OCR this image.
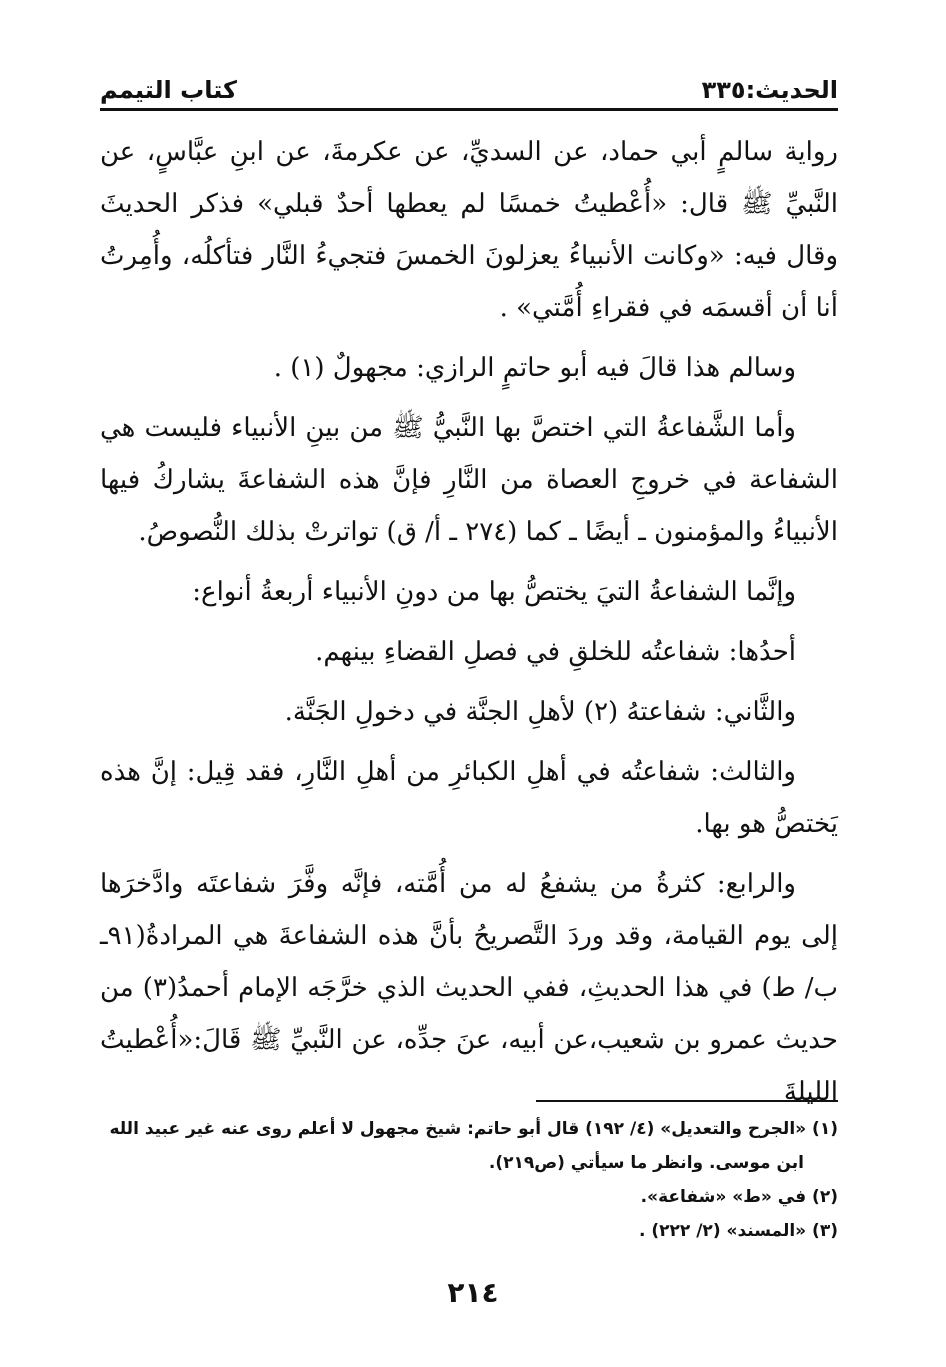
الحديث:٣٣٥
كتاب التيمم

رواية سالمٍ أبي حماد، عن السديِّ، عن عكرمةَ، عن ابنِ عبَّاسٍ، عن النَّبيِّ ﷺ قال: «أُعْطيتُ خمسًا لم يعطها أحدٌ قبلي» فذكر الحديثَ وقال فيه: «وكانت الأنبياءُ يعزلونَ الخمسَ فتجيءُ النَّار فتأكلُه، وأُمِرتُ أنا أن أقسمَه في فقراءِ أُمَّتي» .

وسالم هذا قالَ فيه أبو حاتمٍ الرازي: مجهولٌ (١) .

وأما الشَّفاعةُ التي اختصَّ بها النَّبيُّ ﷺ من بينِ الأنبياء فليست هي الشفاعة في خروجِ العصاة من النَّارِ فإنَّ هذه الشفاعةَ يشاركُ فيها الأنبياءُ والمؤمنون ـ أيضًا ـ كما (٢٧٤ ـ أ/ ق) تواترتْ بذلك النُّصوصُ.

وإنَّما الشفاعةُ التيَ يختصُّ بها من دونِ الأنبياء أربعةُ أنواع:

أحدُها: شفاعتُه للخلقِ في فصلِ القضاءِ بينهم.

والثَّاني: شفاعتهُ (٢) لأهلِ الجنَّة في دخولِ الجَنَّة.

والثالث: شفاعتُه في أهلِ الكبائرِ من أهلِ النَّارِ، فقد قِيل: إنَّ هذه يَختصُّ هو بها.

والرابع: كثرةُ من يشفعُ له من أُمَّته، فإنَّه وفَّرَ شفاعتَه وادَّخرَها إلى يوم القيامة، وقد وردَ التَّصريحُ بأنَّ هذه الشفاعةَ هي المرادةُ(٩١ـ ب/ ط) في هذا الحديثِ، ففي الحديث الذي خرَّجَه الإمام أحمدُ(٣) من حديث عمرو بن شعيب،عن أبيه، عنَ جدِّه، عن النَّبيِّ ﷺ قَالَ:«أُعْطيتُ الليلةَ

(١) «الجرح والتعديل» (٤/ ١٩٢) قال أبو حاتم: شيخ مجهول لا أعلم روى عنه غير عبيد الله

ابن موسى. وانظر ما سيأتي (ص٢١٩).

(٢) في «ط» «شفاعة».

(٣) «المسند» (٢/ ٢٢٢) .

٢١٤
